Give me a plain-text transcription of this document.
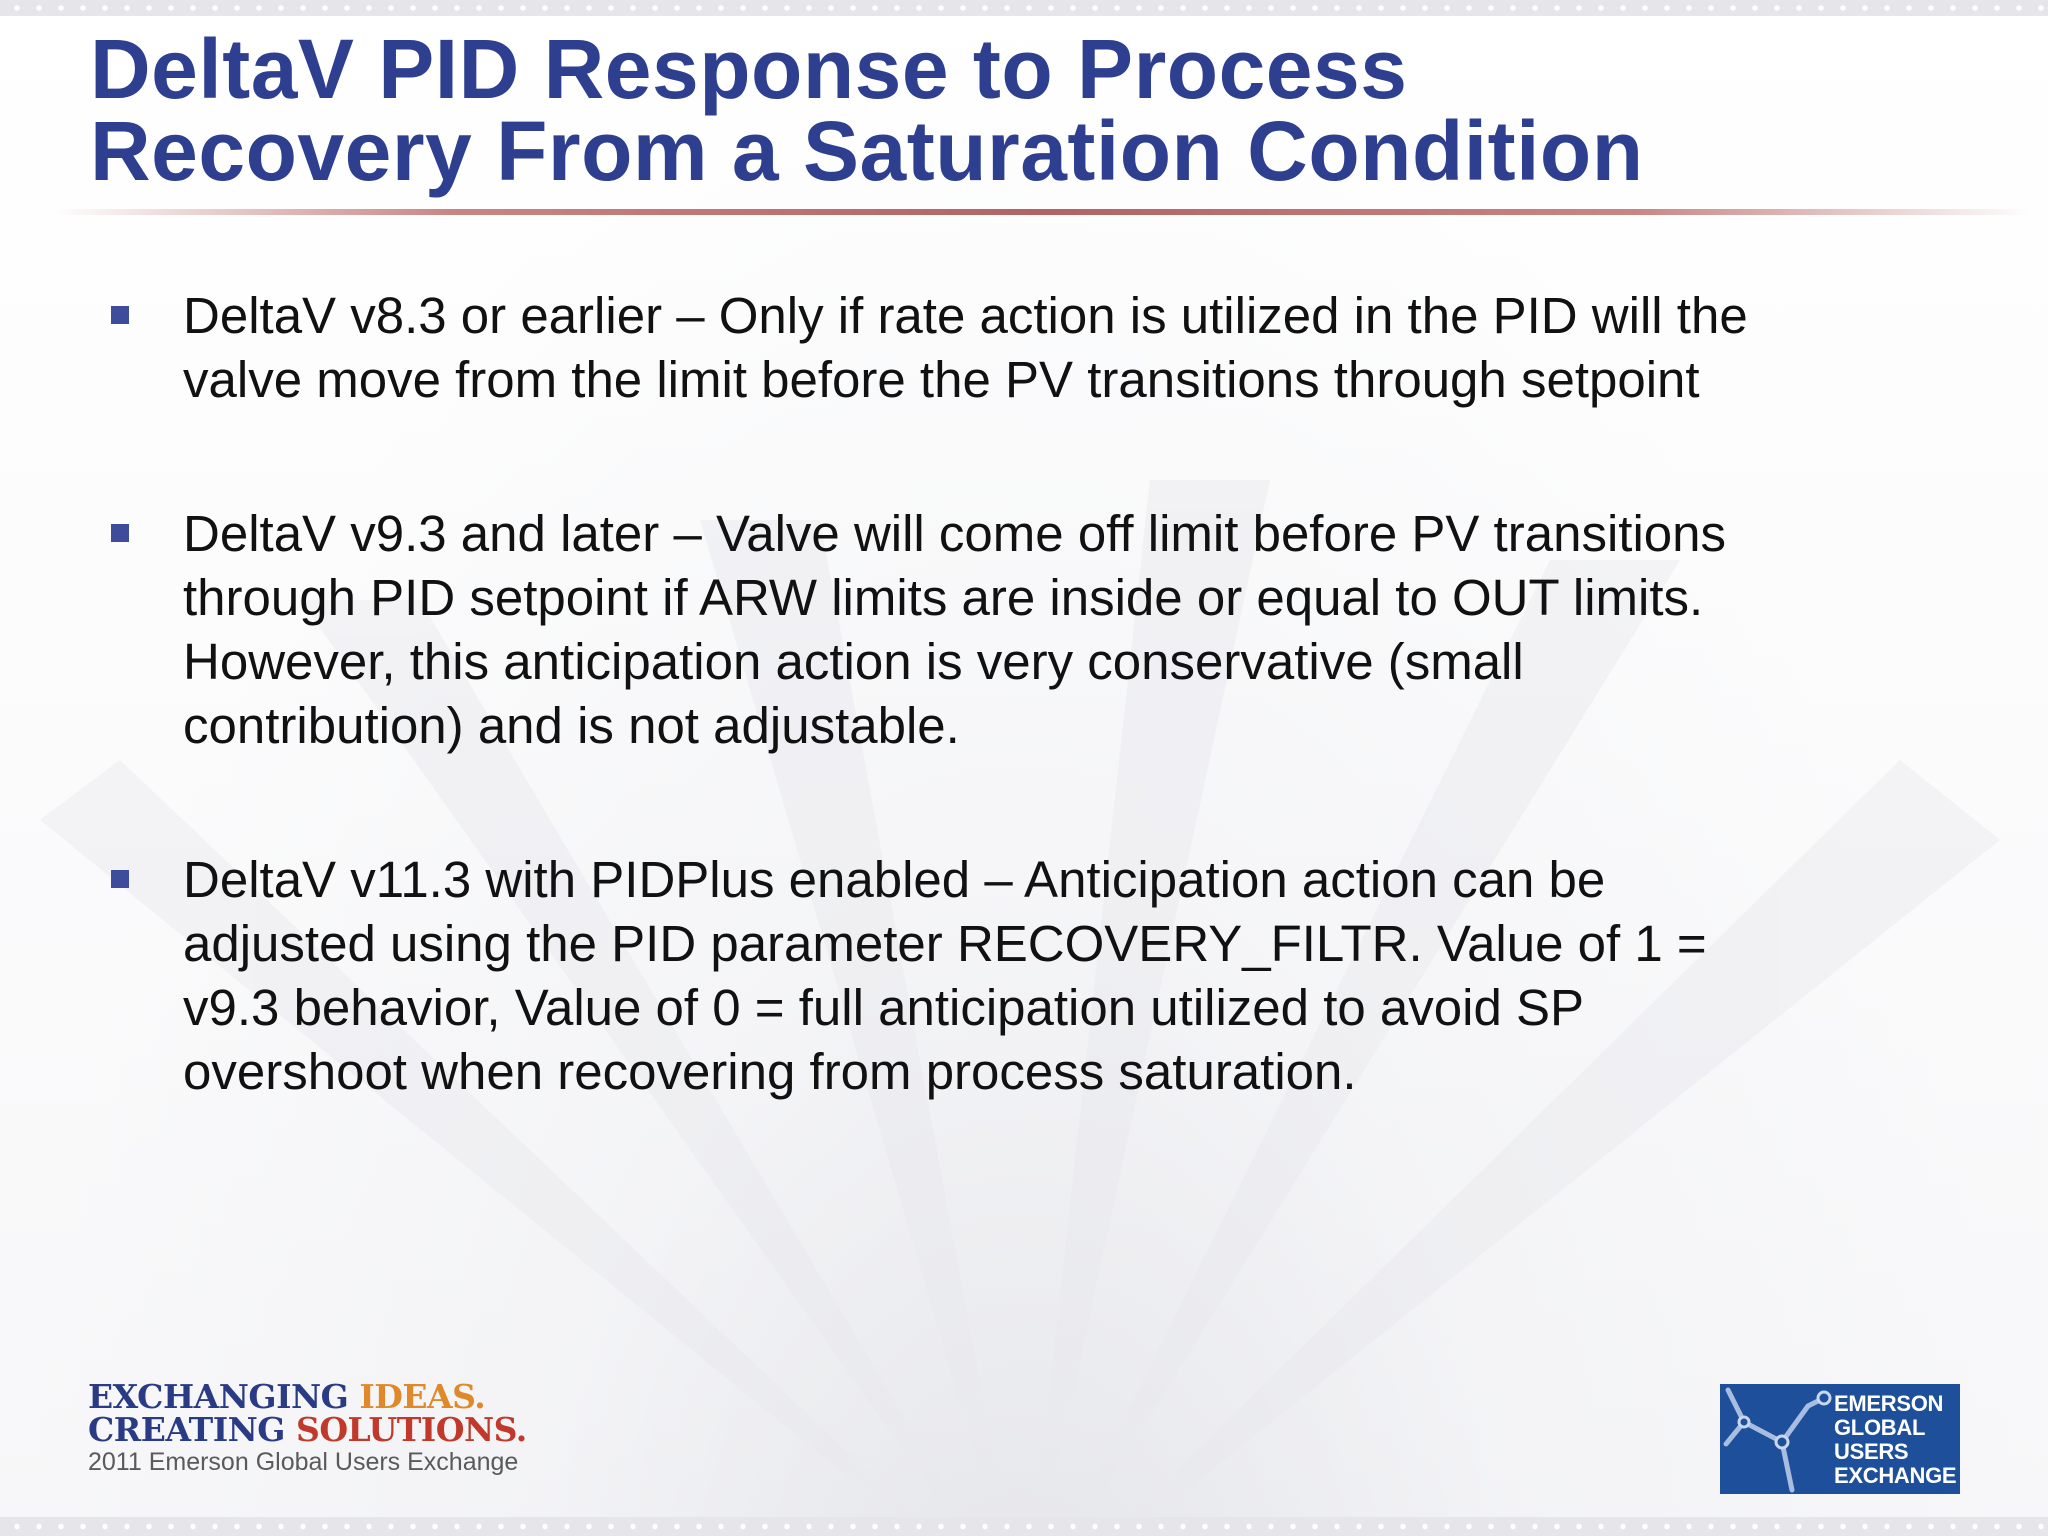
DeltaV PID Response to Process
Recovery From a Saturation Condition
DeltaV v8.3 or earlier – Only if rate action is utilized in the PID will the
valve move from the limit before the PV transitions through setpoint
DeltaV v9.3 and later – Valve will come off limit before PV transitions
through PID setpoint if ARW limits are inside or equal to OUT limits.
However, this anticipation action is very conservative (small
contribution) and is not adjustable.
DeltaV v11.3 with PIDPlus enabled – Anticipation action can be
adjusted using the PID parameter RECOVERY_FILTR. Value of 1 =
v9.3 behavior, Value of 0 = full anticipation utilized to avoid SP
overshoot when recovering from process saturation.
EXCHANGING IDEAS.
CREATING SOLUTIONS.
2011 Emerson Global Users Exchange
EMERSON
GLOBAL
USERS
EXCHANGE
